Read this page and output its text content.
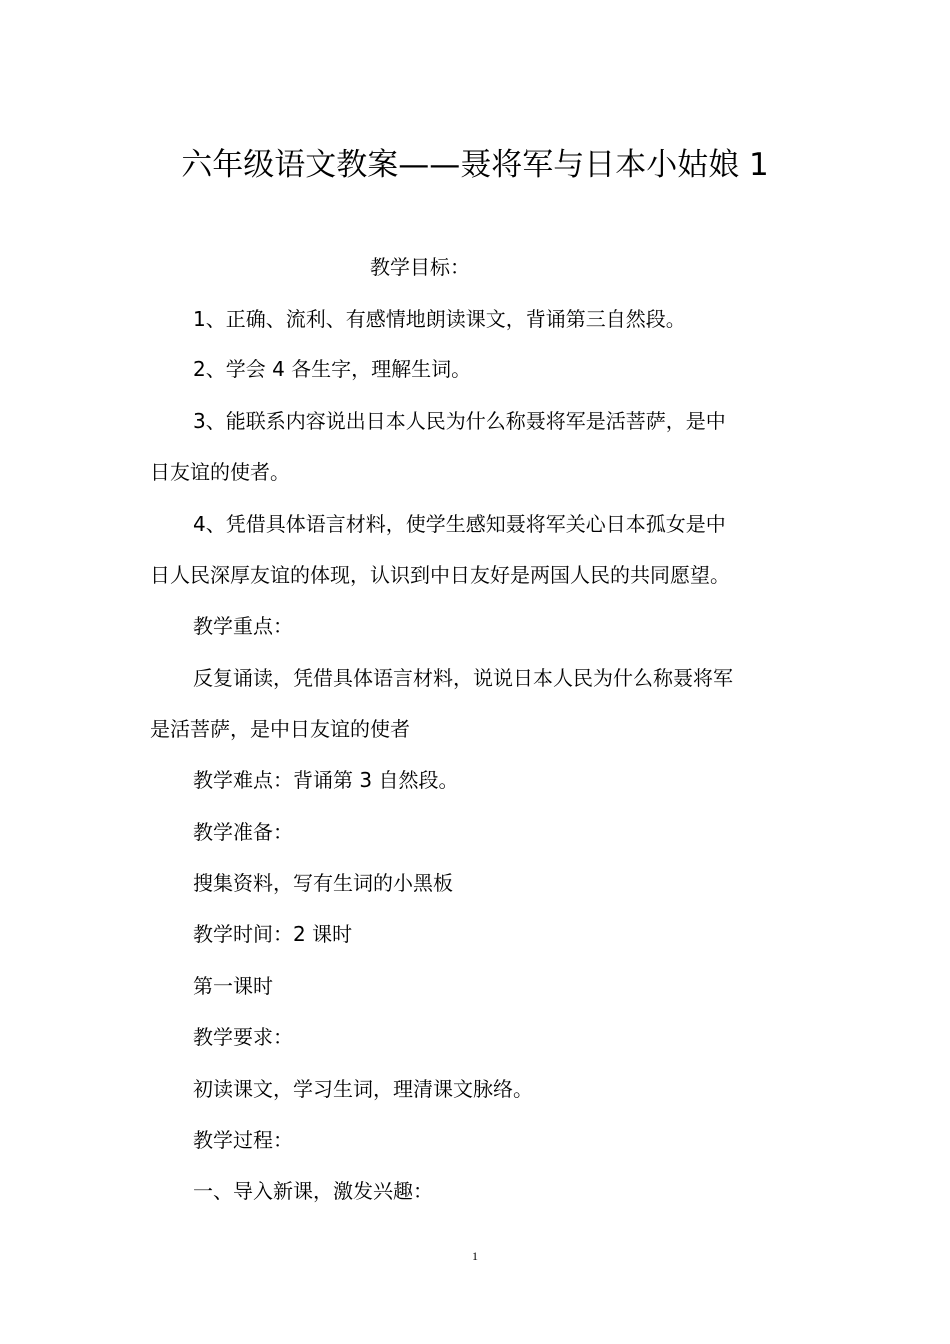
六年级语文教案——聂将军与日本小姑娘 1
教学目标：
1、正确、流利、有感情地朗读课文，背诵第三自然段。
2、学会 4 各生字，理解生词。
3、能联系内容说出日本人民为什么称聂将军是活菩萨，是中
日友谊的使者。
4、凭借具体语言材料，使学生感知聂将军关心日本孤女是中
日人民深厚友谊的体现，认识到中日友好是两国人民的共同愿望。
教学重点：
反复诵读，凭借具体语言材料，说说日本人民为什么称聂将军
是活菩萨，是中日友谊的使者
教学难点：背诵第 3 自然段。
教学准备：
搜集资料，写有生词的小黑板
教学时间：2 课时
第一课时
教学要求：
初读课文，学习生词，理清课文脉络。
教学过程：
一、导入新课，激发兴趣：
1
